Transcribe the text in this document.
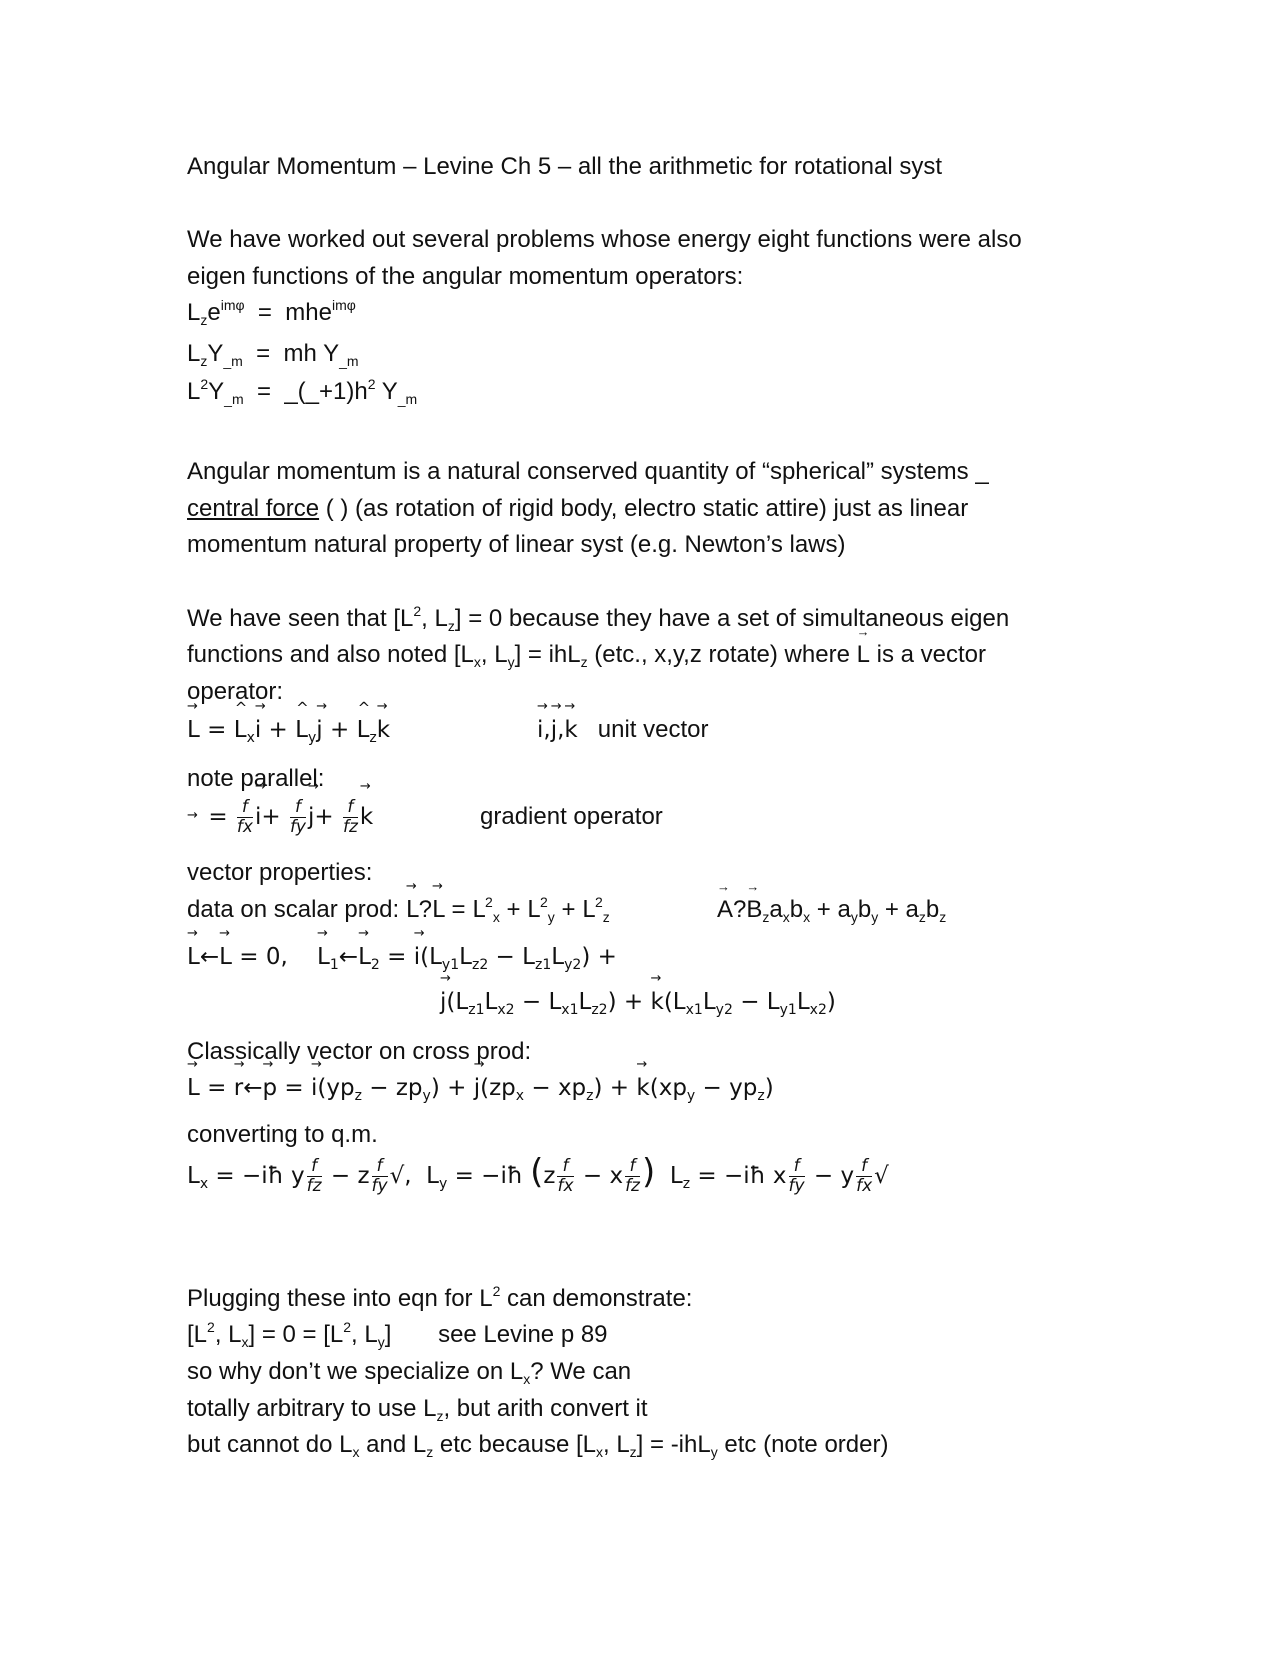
Angular Momentum – Levine Ch 5 – all the arithmetic for rotational syst
We have worked out several problems whose energy eight functions were also
eigen functions of the angular momentum operators:
$L_ze^{im\varphi} = mhe^{im\varphi}$
$L_zY_{\_m}$ = mh $Y_{\_m}$
$L^2Y_{\_m}$ = $\_(\_+1)h^2$ $Y_{\_m}$
Angular momentum is a natural conserved quantity of “spherical” systems _
central force ( ) (as rotation of rigid body, electro static attire) just as linear
momentum natural property of linear syst (e.g. Newton’s laws)
We have seen that [$L^2$, $L_z] = 0$ because they have a set of simultaneous eigen
functions and also noted [$L_x$, $L_y] = ihL_z$ (etc., x,y,z rotate) where → L is a vector
operator:
→ L = ^ $L_x\to i$ + ^ $L_y\to j$ + ^ $L_z\to k$
→	i,→ j,→ k unit vector
note parallel:
= $\frac{f}{fx}$
→ $i+ \frac{f}{fy}$
→ $j+ \frac{f}{fz}$
→ k	gradient operator
vector properties:
data on scalar prod: → L?→ $L = L^2_x + L^2_y + L^2_z$
→	A?→ $B_za_xb_x + a_yb_y + a_zb_z$
→ L←→ L = 0,    → $L_1\leftarrow\to L_2$ = → $i(L_{y1}L_{z2} - L_{z1}L_{y2})$ +
→ $j(L_{z1}L_{x2} - L_{x1}L_{z2})$ + → $k(L_{x1}L_{y2} - L_{y1}L_{x2})$
Classically vector on cross prod:
→ L = → r←→ p = → $i(yp_z - zp_y)$ + → $j(zp_x - xp_z)$ + → $k(xp_y - yp_z)$
converting to q.m.
$L_x$ = −iħ y $\frac{f}{fz} - z \frac{f}{fy}$ √, $L_y$ = −iħ ($z \frac{f}{fx} - x \frac{f}{fz}$ ) $L_z$ = −iħ x $\frac{f}{fy} - y \frac{f}{fx}$ √
Plugging these into eqn for $L^2$ can demonstrate:
[$L^2$, $L_x] = 0 = [L^2$, $L_y$]       see Levine p 89
so why don’t we specialize on $L_x$? We can
totally arbitrary to use $L_z$, but arith convert it
but cannot do $L_x$ and $L_z$ etc because [$L_x$, $L_z] = -ihL_y$ etc (note order)
